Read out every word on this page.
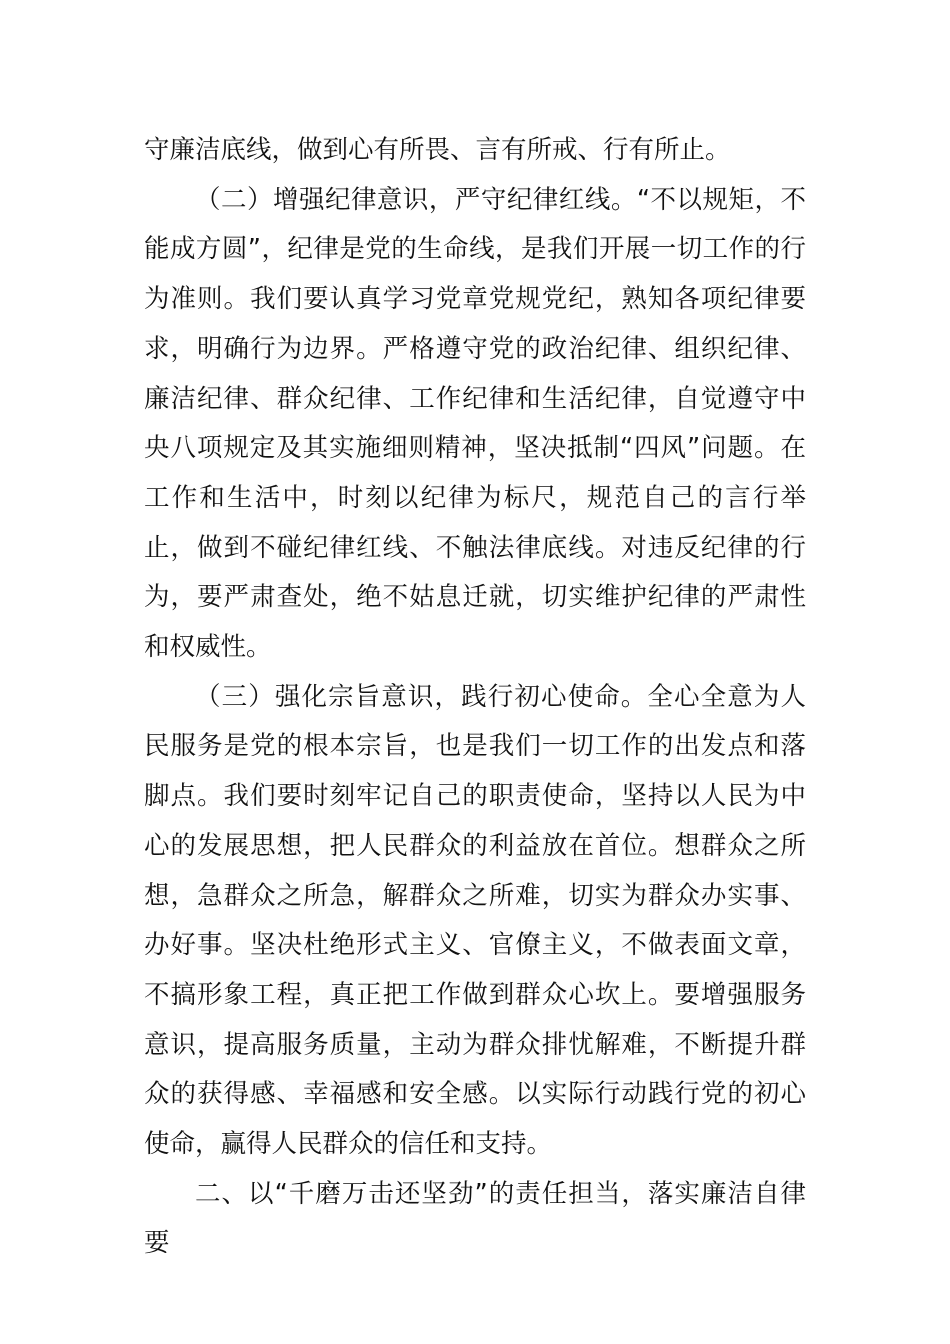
守廉洁底线，做到心有所畏、言有所戒、行有所止。

（二）增强纪律意识，严守纪律红线。“不以规矩，不能成方圆”，纪律是党的生命线，是我们开展一切工作的行为准则。我们要认真学习党章党规党纪，熟知各项纪律要求，明确行为边界。严格遵守党的政治纪律、组织纪律、廉洁纪律、群众纪律、工作纪律和生活纪律，自觉遵守中央八项规定及其实施细则精神，坚决抵制“四风”问题。在工作和生活中，时刻以纪律为标尺，规范自己的言行举止，做到不碰纪律红线、不触法律底线。对违反纪律的行为，要严肃查处，绝不姑息迁就，切实维护纪律的严肃性和权威性。

（三）强化宗旨意识，践行初心使命。全心全意为人民服务是党的根本宗旨，也是我们一切工作的出发点和落脚点。我们要时刻牢记自己的职责使命，坚持以人民为中心的发展思想，把人民群众的利益放在首位。想群众之所想，急群众之所急，解群众之所难，切实为群众办实事、办好事。坚决杜绝形式主义、官僚主义，不做表面文章，不搞形象工程，真正把工作做到群众心坎上。要增强服务意识，提高服务质量，主动为群众排忧解难，不断提升群众的获得感、幸福感和安全感。以实际行动践行党的初心使命，赢得人民群众的信任和支持。

二、以“千磨万击还坚劲”的责任担当，落实廉洁自律要
